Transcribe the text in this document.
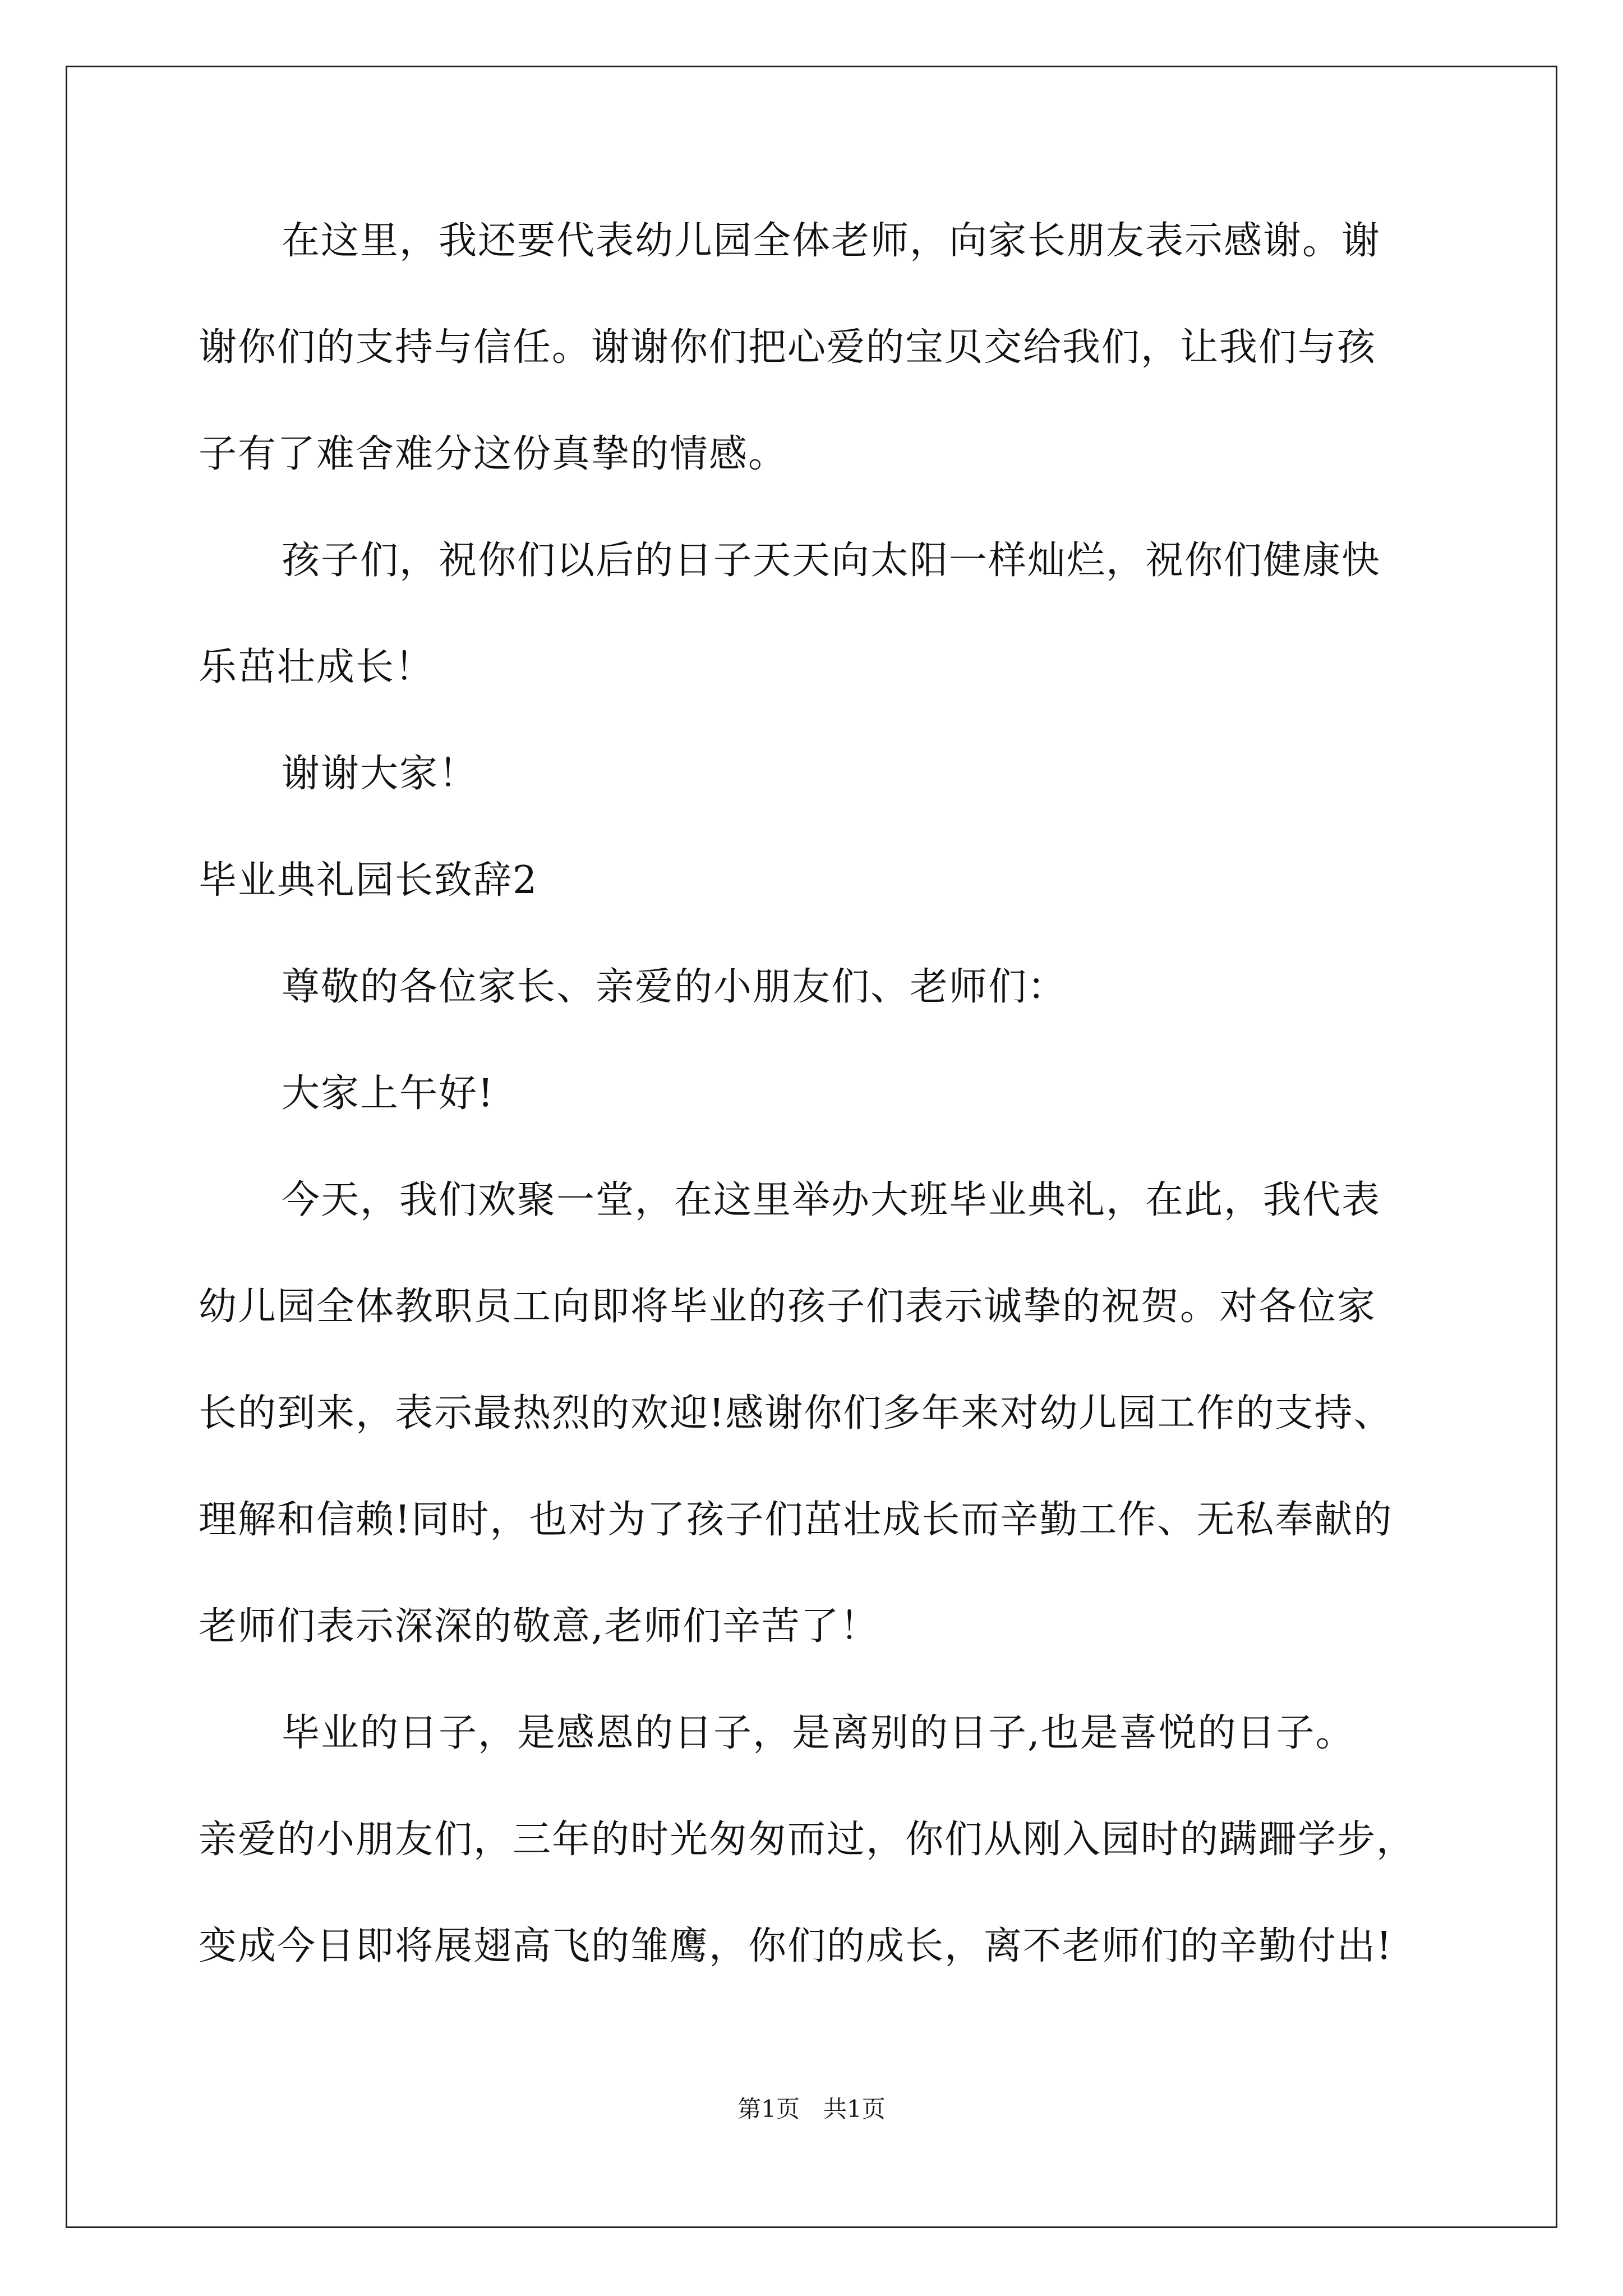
在这里，我还要代表幼儿园全体老师，向家长朋友表示感谢。谢
谢你们的支持与信任。谢谢你们把心爱的宝贝交给我们，让我们与孩
子有了难舍难分这份真挚的情感。
孩子们，祝你们以后的日子天天向太阳一样灿烂，祝你们健康快
乐茁壮成长！
谢谢大家！
毕业典礼园长致辞2
尊敬的各位家长、亲爱的小朋友们、老师们：
大家上午好!
今天，我们欢聚一堂，在这里举办大班毕业典礼，在此，我代表
幼儿园全体教职员工向即将毕业的孩子们表示诚挚的祝贺。对各位家
长的到来，表示最热烈的欢迎!感谢你们多年来对幼儿园工作的支持、
理解和信赖!同时，也对为了孩子们茁壮成长而辛勤工作、无私奉献的
老师们表示深深的敬意,老师们辛苦了！
毕业的日子，是感恩的日子，是离别的日子,也是喜悦的日子。
亲爱的小朋友们，三年的时光匆匆而过，你们从刚入园时的蹒跚学步，
变成今日即将展翅高飞的雏鹰，你们的成长，离不老师们的辛勤付出!
第1页　共1页
